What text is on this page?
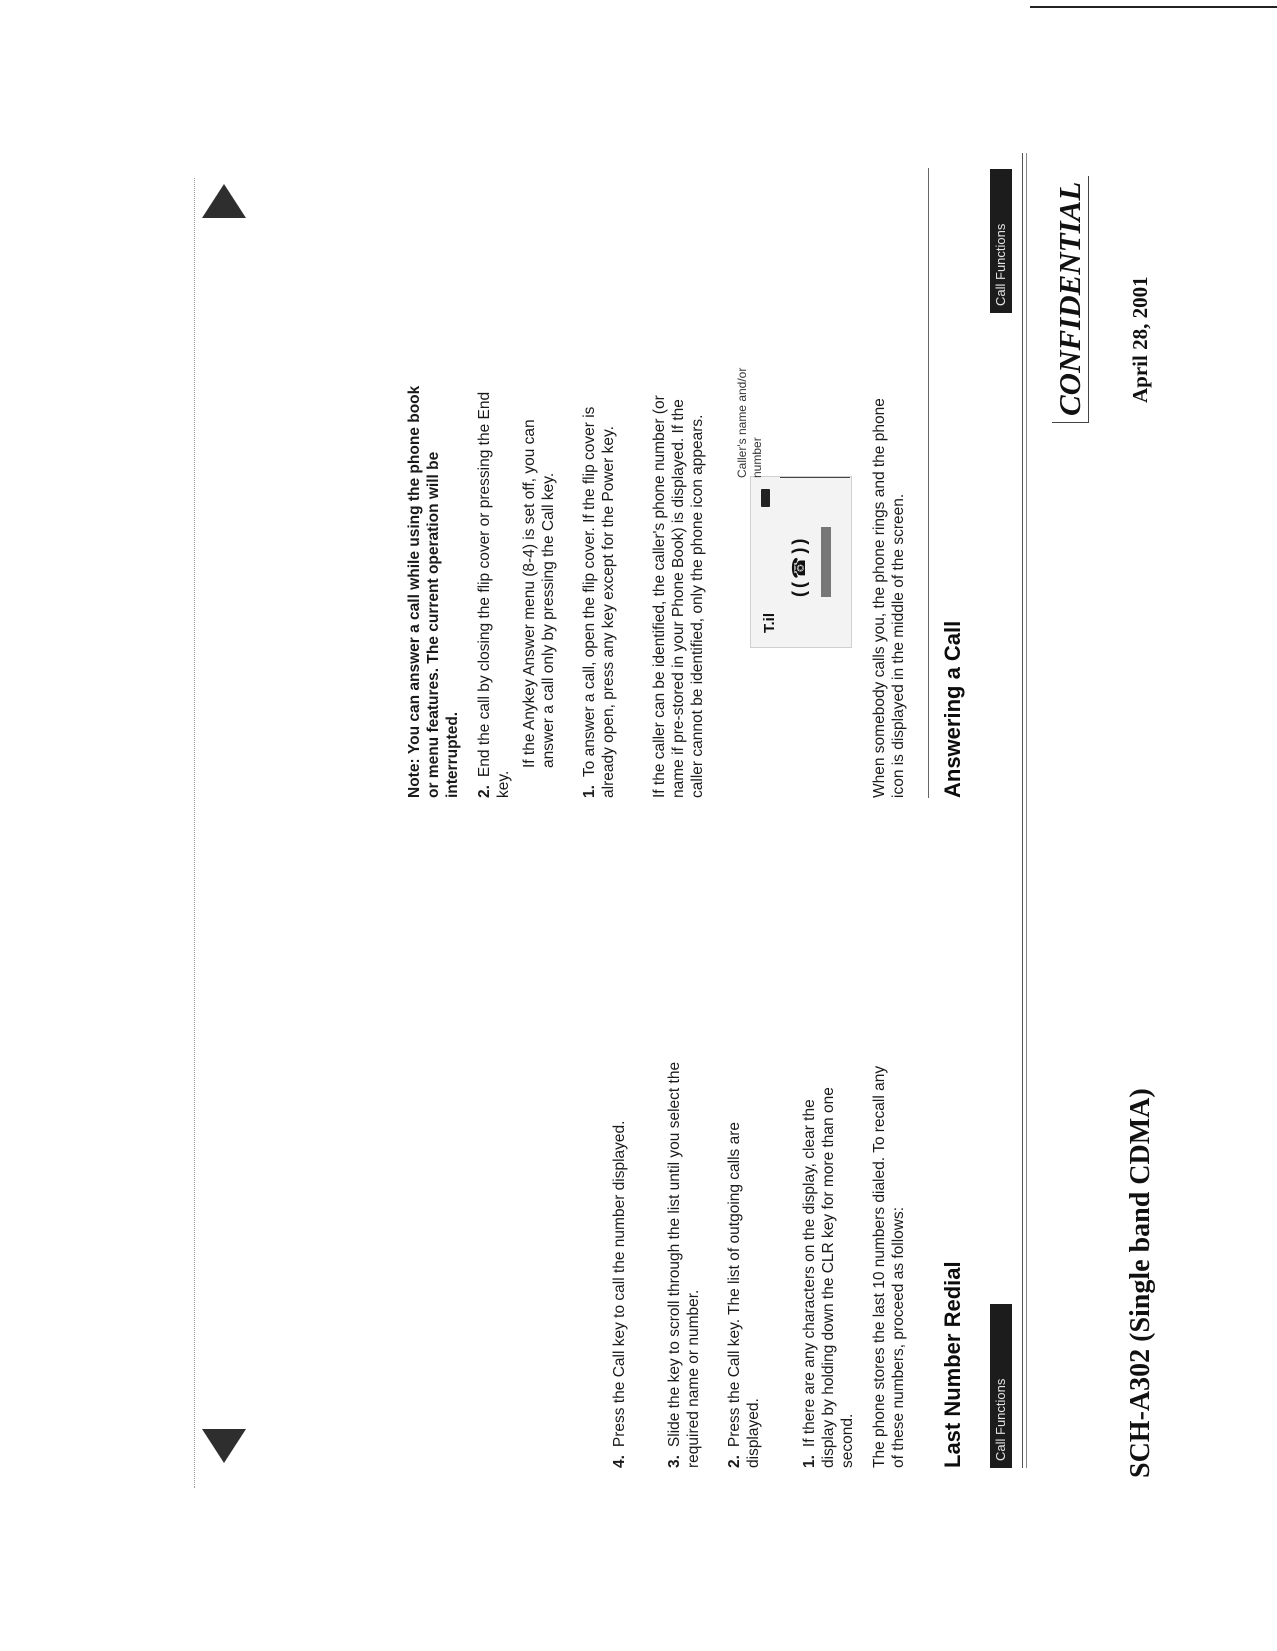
CONFIDENTIAL
SCH-A302 (Single band CDMA)
April 28, 2001
Call Functions
Call Functions
Last Number Redial
The phone stores the last 10 numbers dialed. To recall any of these numbers, proceed as follows:
1.If there are any characters on the display, clear the display by holding down the CLR key for more than one second.
2.Press the Call key. The list of outgoing calls are displayed.
3.Slide the key to scroll through the list until you select the required name or number.
4.Press the Call key to call the number displayed.
Answering a Call
When somebody calls you, the phone rings and the phone icon is displayed in the middle of the screen.
T.il
((☎))
Caller's name and/or number
If the caller can be identified, the caller's phone number (or name if pre-stored in your Phone Book) is displayed. If the caller cannot be identified, only the phone icon appears.
1.To answer a call, open the flip cover. If the flip cover is already open, press any key except for the Power key.
If the Anykey Answer menu (8-4) is set off, you can answer a call only by pressing the Call key.
2.End the call by closing the flip cover or pressing the End key.
Note: You can answer a call while using the phone book or menu features. The current operation will be interrupted.
